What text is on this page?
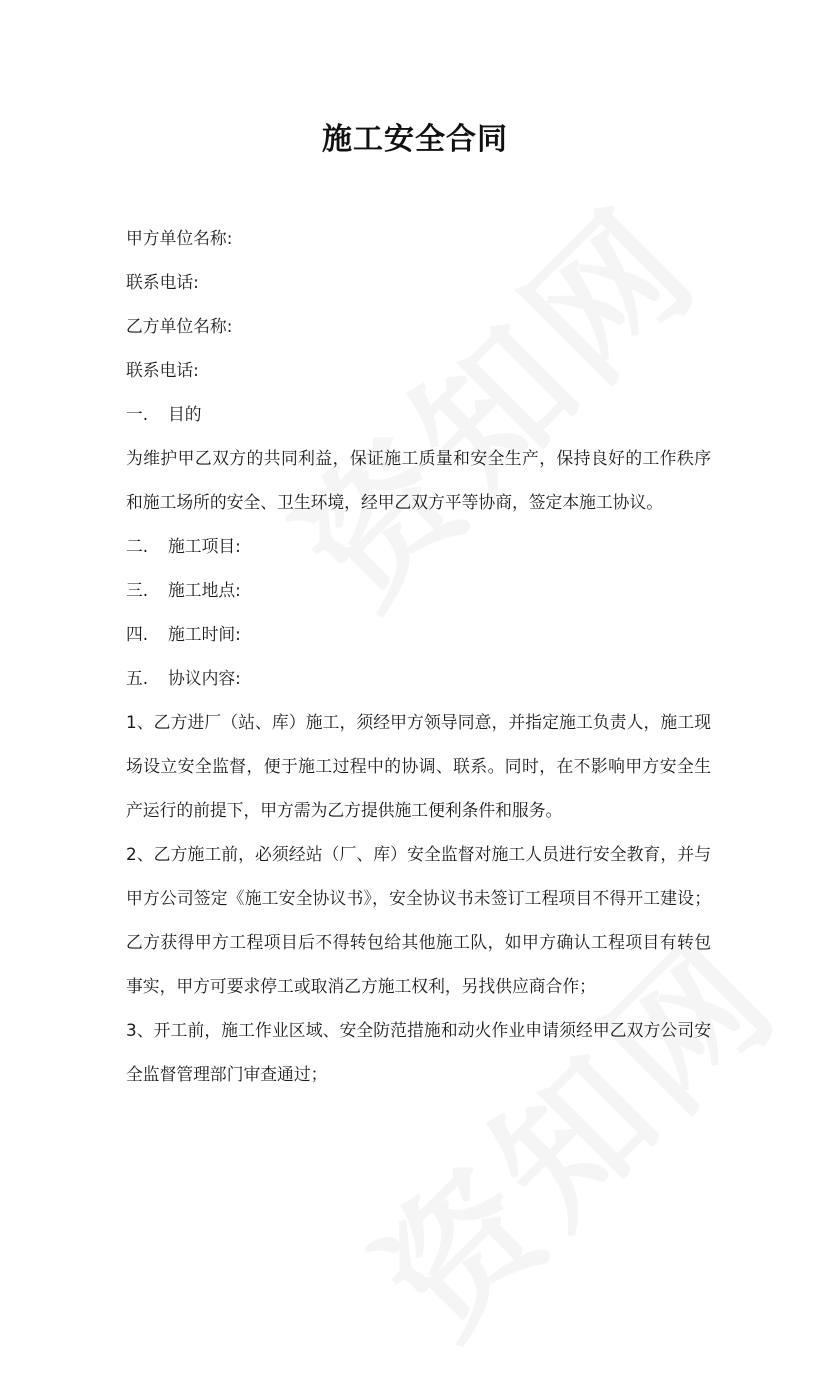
施工安全合同

甲方单位名称:

联系电话:

乙方单位名称:

联系电话:

一. 目的

为维护甲乙双方的共同利益，保证施工质量和安全生产，保持良好的工作秩序和施工场所的安全、卫生环境，经甲乙双方平等协商，签定本施工协议。

二. 施工项目:

三. 施工地点:

四. 施工时间:

五. 协议内容:

1、乙方进厂（站、库）施工，须经甲方领导同意，并指定施工负责人，施工现场设立安全监督，便于施工过程中的协调、联系。同时，在不影响甲方安全生产运行的前提下，甲方需为乙方提供施工便利条件和服务。

2、乙方施工前，必须经站（厂、库）安全监督对施工人员进行安全教育，并与甲方公司签定《施工安全协议书》，安全协议书未签订工程项目不得开工建设；乙方获得甲方工程项目后不得转包给其他施工队，如甲方确认工程项目有转包事实，甲方可要求停工或取消乙方施工权利，另找供应商合作；

3、开工前，施工作业区域、安全防范措施和动火作业申请须经甲乙双方公司安全监督管理部门审查通过；
